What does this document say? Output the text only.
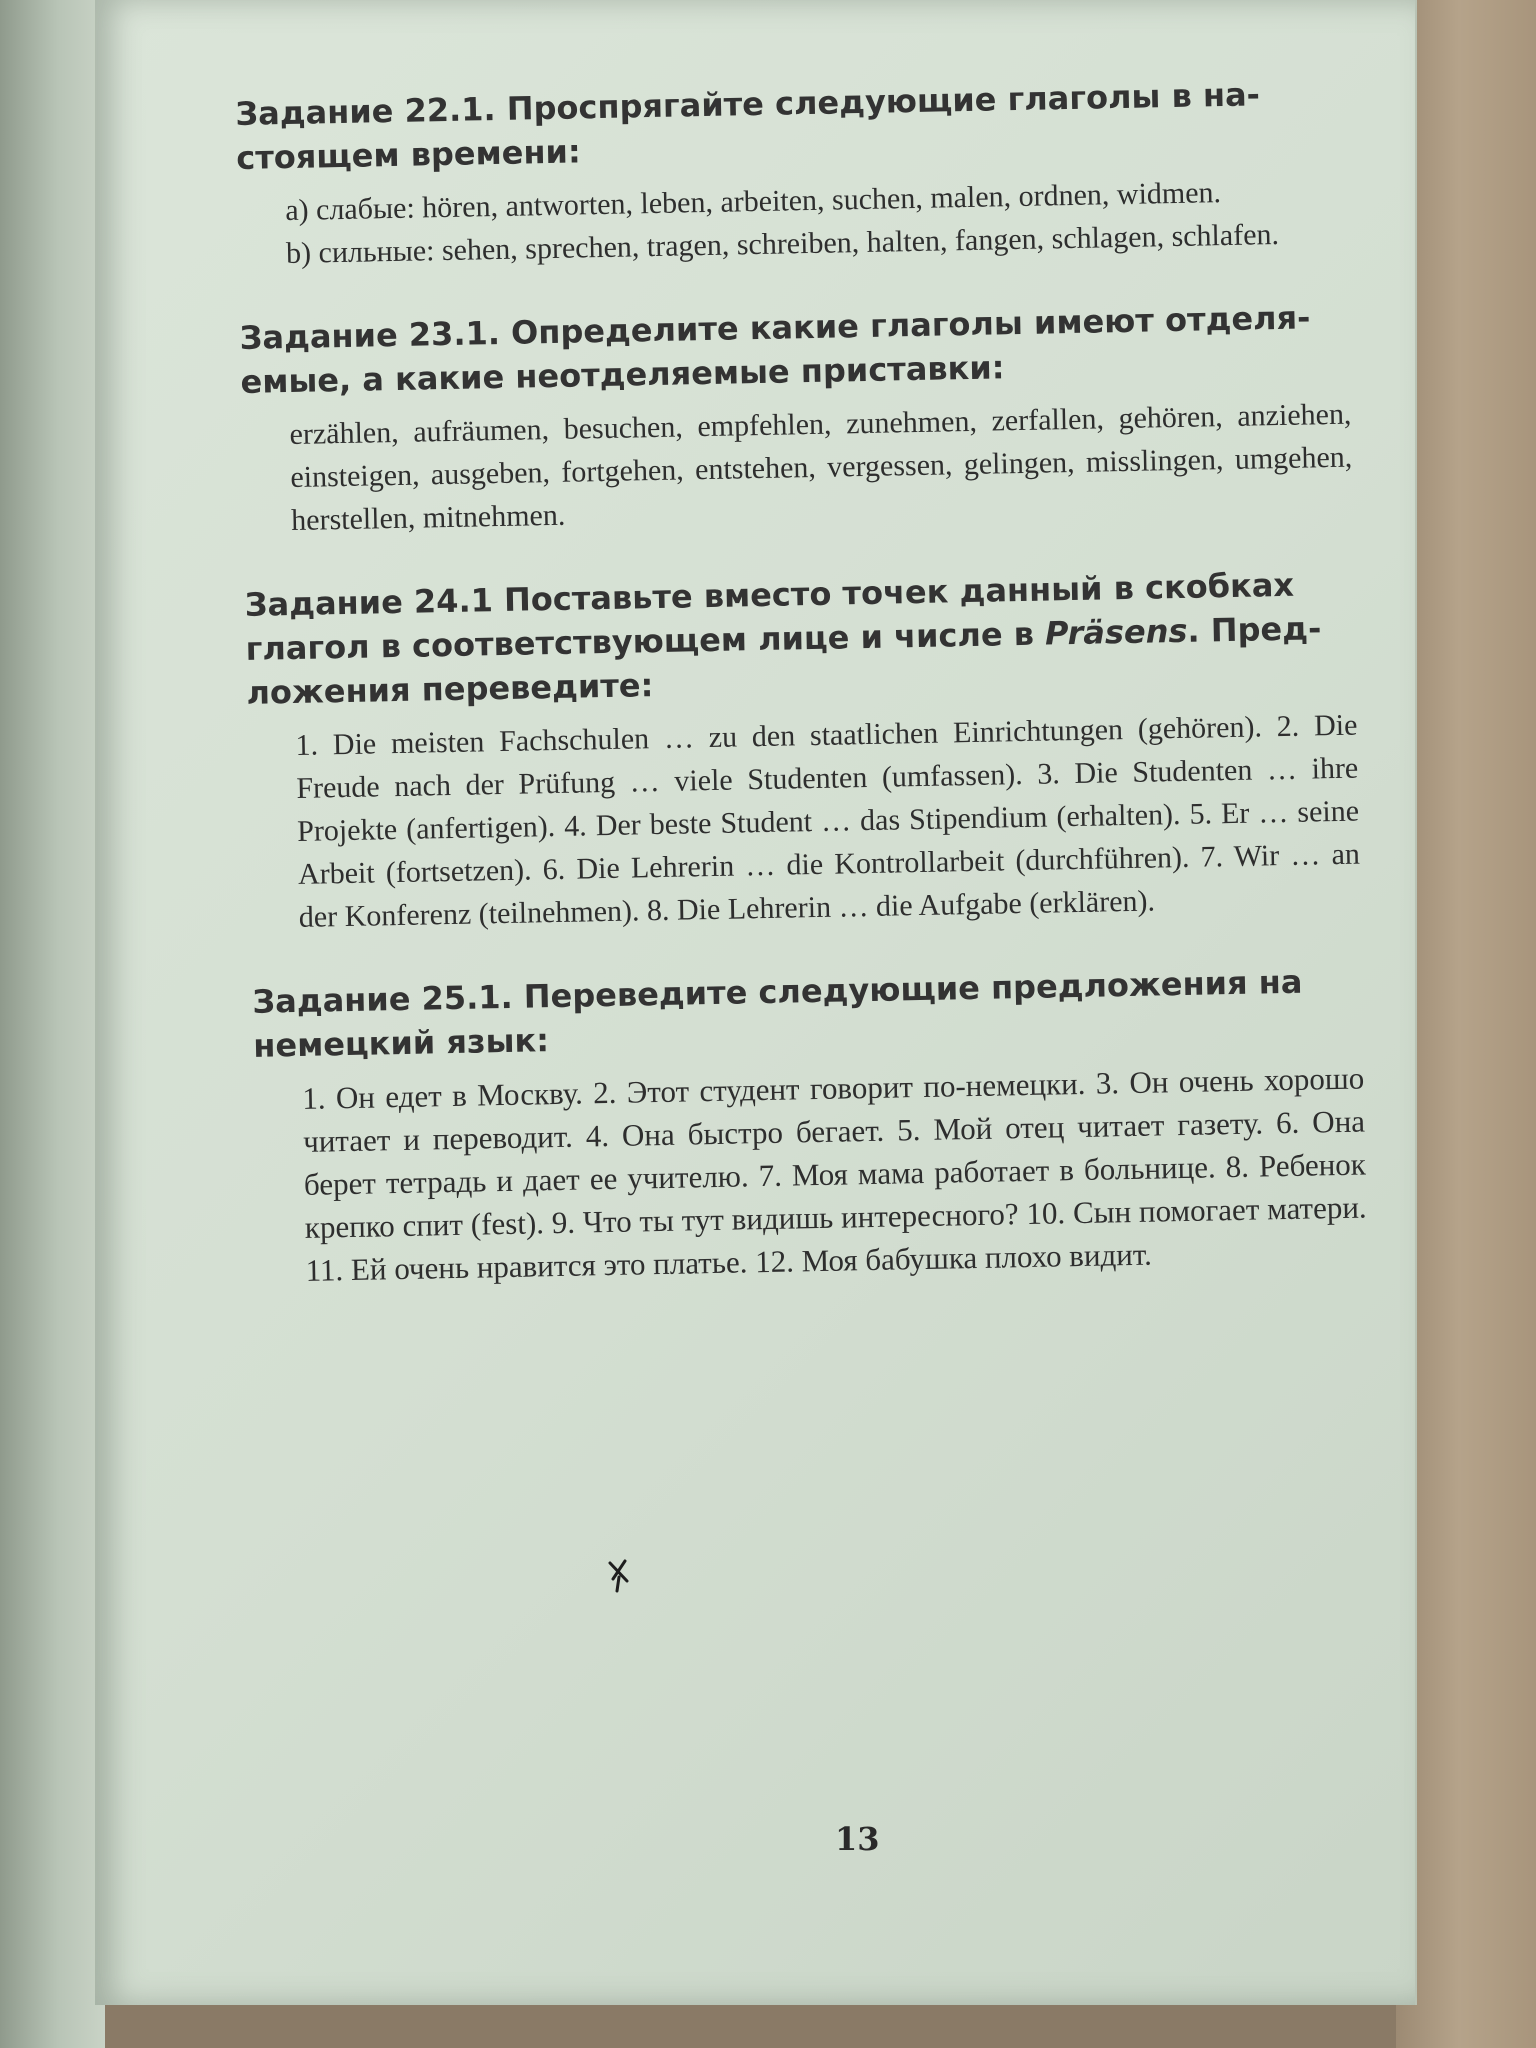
Задание 22.1. Проспрягайте следующие глаголы в на-
стоящем времени:

a) слабые: hören, antworten, leben, arbeiten, suchen, malen, ordnen, widmen.

b) сильные: sehen, sprechen, tragen, schreiben, halten, fangen, schlagen, schlafen.

Задание 23.1. Определите какие глаголы имеют отделя-
емые, а какие неотделяемые приставки:

erzählen, aufräumen, besuchen, empfehlen, zunehmen, zerfallen, gehören, anziehen, einsteigen, ausgeben, fortgehen, entstehen, vergessen, gelingen, misslingen, umgehen, herstellen, mitnehmen.

Задание 24.1 Поставьте вместо точек данный в скобках
глагол в соответствующем лице и числе в Präsens. Пред-
ложения переведите:

1. Die meisten Fachschulen … zu den staatlichen Einrichtungen (gehören). 2. Die Freude nach der Prüfung … viele Studenten (umfassen). 3. Die Studenten … ihre Projekte (anfertigen). 4. Der beste Student … das Stipendium (erhalten). 5. Er … seine Arbeit (fortsetzen). 6. Die Lehrerin … die Kontrollarbeit (durchführen). 7. Wir … an der Konferenz (teilnehmen). 8. Die Lehrerin … die Aufgabe (erklären).

Задание 25.1. Переведите следующие предложения на
немецкий язык:

1. Он едет в Москву. 2. Этот студент говорит по-немецки. 3. Он очень хорошо читает и переводит. 4. Она быстро бегает. 5. Мой отец читает газету. 6. Она берет тетрадь и дает ее учителю. 7. Моя мама работает в больнице. 8. Ребенок крепко спит (fest). 9. Что ты тут видишь интересного? 10. Сын помогает матери. 11. Ей очень нравится это платье. 12. Моя бабушка плохо видит.

13
